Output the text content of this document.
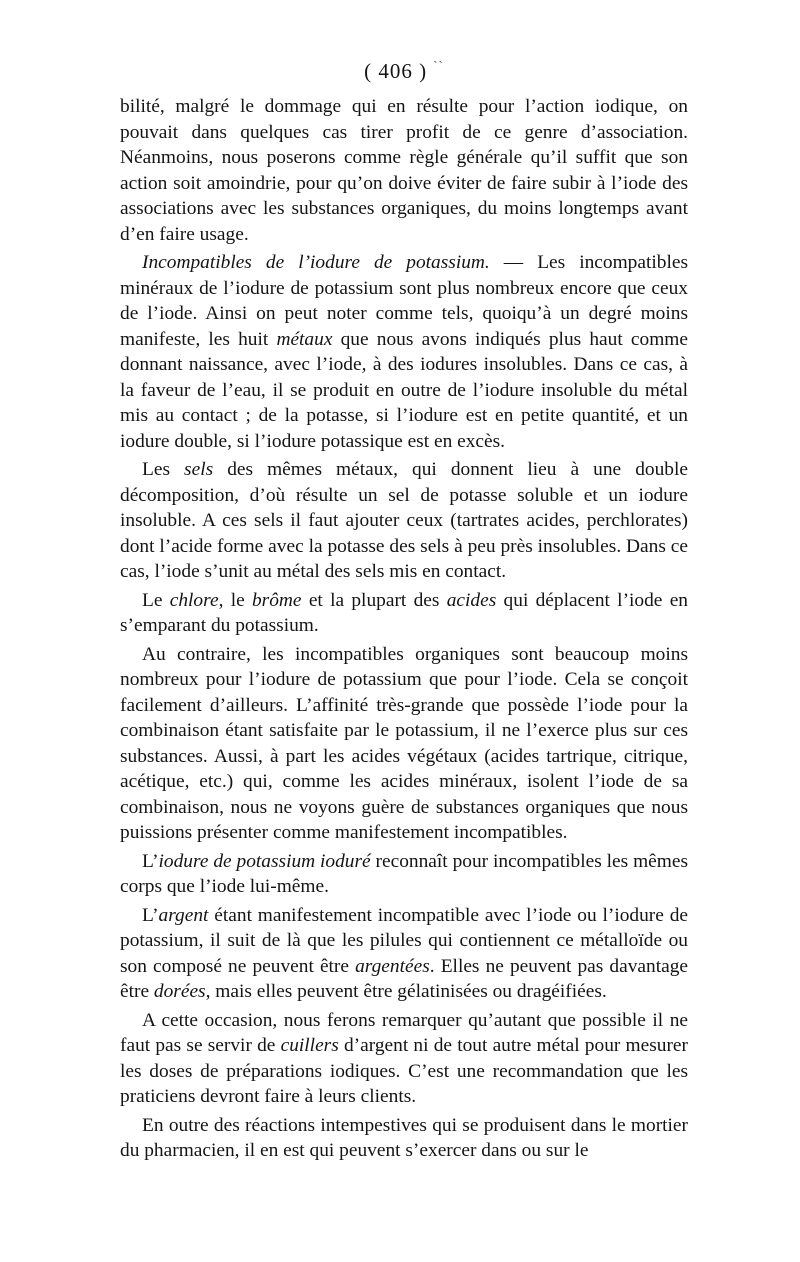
( 406 ) ``

bilité, malgré le dommage qui en résulte pour l’action iodique, on pouvait dans quelques cas tirer profit de ce genre d’association. Néanmoins, nous poserons comme règle générale qu’il suffit que son action soit amoindrie, pour qu’on doive éviter de faire subir à l’iode des associations avec les substances organiques, du moins longtemps avant d’en faire usage.

Incompatibles de l’iodure de potassium. — Les incompatibles minéraux de l’iodure de potassium sont plus nombreux encore que ceux de l’iode. Ainsi on peut noter comme tels, quoiqu’à un degré moins manifeste, les huit métaux que nous avons indiqués plus haut comme donnant naissance, avec l’iode, à des iodures insolubles. Dans ce cas, à la faveur de l’eau, il se produit en outre de l’iodure insoluble du métal mis au contact ; de la potasse, si l’iodure est en petite quantité, et un iodure double, si l’iodure potassique est en excès.

Les sels des mêmes métaux, qui donnent lieu à une double décomposition, d’où résulte un sel de potasse soluble et un iodure insoluble. A ces sels il faut ajouter ceux (tartrates acides, perchlorates) dont l’acide forme avec la potasse des sels à peu près insolubles. Dans ce cas, l’iode s’unit au métal des sels mis en contact.

Le chlore, le brôme et la plupart des acides qui déplacent l’iode en s’emparant du potassium.

Au contraire, les incompatibles organiques sont beaucoup moins nombreux pour l’iodure de potassium que pour l’iode. Cela se conçoit facilement d’ailleurs. L’affinité très-grande que possède l’iode pour la combinaison étant satisfaite par le potassium, il ne l’exerce plus sur ces substances. Aussi, à part les acides végétaux (acides tartrique, citrique, acétique, etc.) qui, comme les acides minéraux, isolent l’iode de sa combinaison, nous ne voyons guère de substances organiques que nous puissions présenter comme manifestement incompatibles.

L’iodure de potassium ioduré reconnaît pour incompatibles les mêmes corps que l’iode lui-même.

L’argent étant manifestement incompatible avec l’iode ou l’iodure de potassium, il suit de là que les pilules qui contiennent ce métalloïde ou son composé ne peuvent être argentées. Elles ne peuvent pas davantage être dorées, mais elles peuvent être gélatinisées ou dragéifiées.

A cette occasion, nous ferons remarquer qu’autant que possible il ne faut pas se servir de cuillers d’argent ni de tout autre métal pour mesurer les doses de préparations iodiques. C’est une recommandation que les praticiens devront faire à leurs clients.

En outre des réactions intempestives qui se produisent dans le mortier du pharmacien, il en est qui peuvent s’exercer dans ou sur le
